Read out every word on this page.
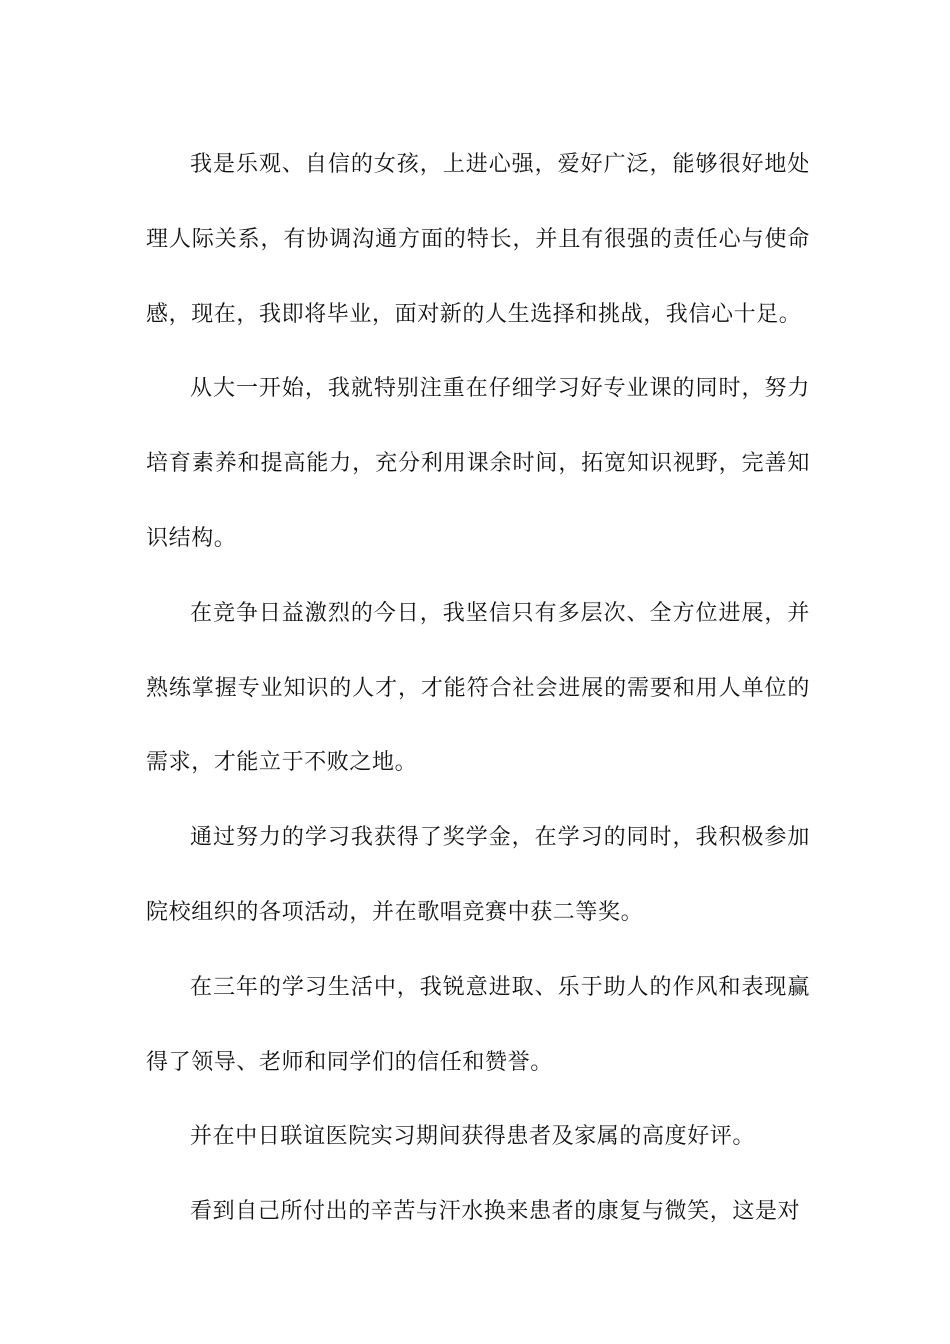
我是乐观、自信的女孩，上进心强，爱好广泛，能够很好地处理人际关系，有协调沟通方面的特长，并且有很强的责任心与使命感，现在，我即将毕业，面对新的人生选择和挑战，我信心十足。

从大一开始，我就特别注重在仔细学习好专业课的同时，努力培育素养和提高能力，充分利用课余时间，拓宽知识视野，完善知识结构。

在竞争日益激烈的今日，我坚信只有多层次、全方位进展，并熟练掌握专业知识的人才，才能符合社会进展的需要和用人单位的需求，才能立于不败之地。

通过努力的学习我获得了奖学金，在学习的同时，我积极参加院校组织的各项活动，并在歌唱竞赛中获二等奖。

在三年的学习生活中，我锐意进取、乐于助人的作风和表现赢得了领导、老师和同学们的信任和赞誉。

并在中日联谊医院实习期间获得患者及家属的高度好评。

看到自己所付出的辛苦与汗水换来患者的康复与微笑，这是对
